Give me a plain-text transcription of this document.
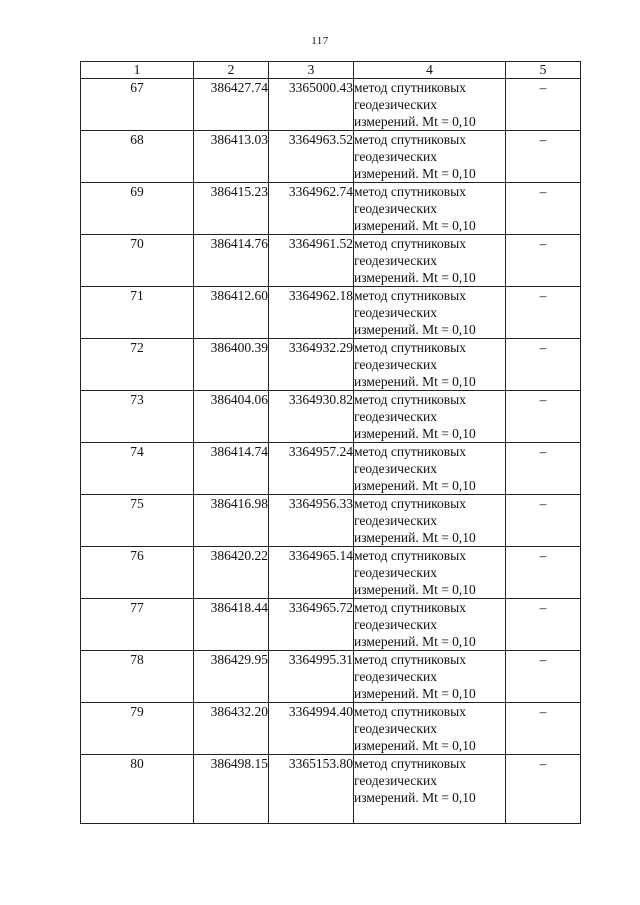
117
1	2	3	4	5
67	386427.74	3365000.43	метод спутниковых
геодезических
измерений. Mt = 0,10	–
68	386413.03	3364963.52	метод спутниковых
геодезических
измерений. Mt = 0,10	–
69	386415.23	3364962.74	метод спутниковых
геодезических
измерений. Mt = 0,10	–
70	386414.76	3364961.52	метод спутниковых
геодезических
измерений. Mt = 0,10	–
71	386412.60	3364962.18	метод спутниковых
геодезических
измерений. Mt = 0,10	–
72	386400.39	3364932.29	метод спутниковых
геодезических
измерений. Mt = 0,10	–
73	386404.06	3364930.82	метод спутниковых
геодезических
измерений. Mt = 0,10	–
74	386414.74	3364957.24	метод спутниковых
геодезических
измерений. Mt = 0,10	–
75	386416.98	3364956.33	метод спутниковых
геодезических
измерений. Mt = 0,10	–
76	386420.22	3364965.14	метод спутниковых
геодезических
измерений. Mt = 0,10	–
77	386418.44	3364965.72	метод спутниковых
геодезических
измерений. Mt = 0,10	–
78	386429.95	3364995.31	метод спутниковых
геодезических
измерений. Mt = 0,10	–
79	386432.20	3364994.40	метод спутниковых
геодезических
измерений. Mt = 0,10	–
80	386498.15	3365153.80	метод спутниковых
геодезических
измерений. Mt = 0,10	–
